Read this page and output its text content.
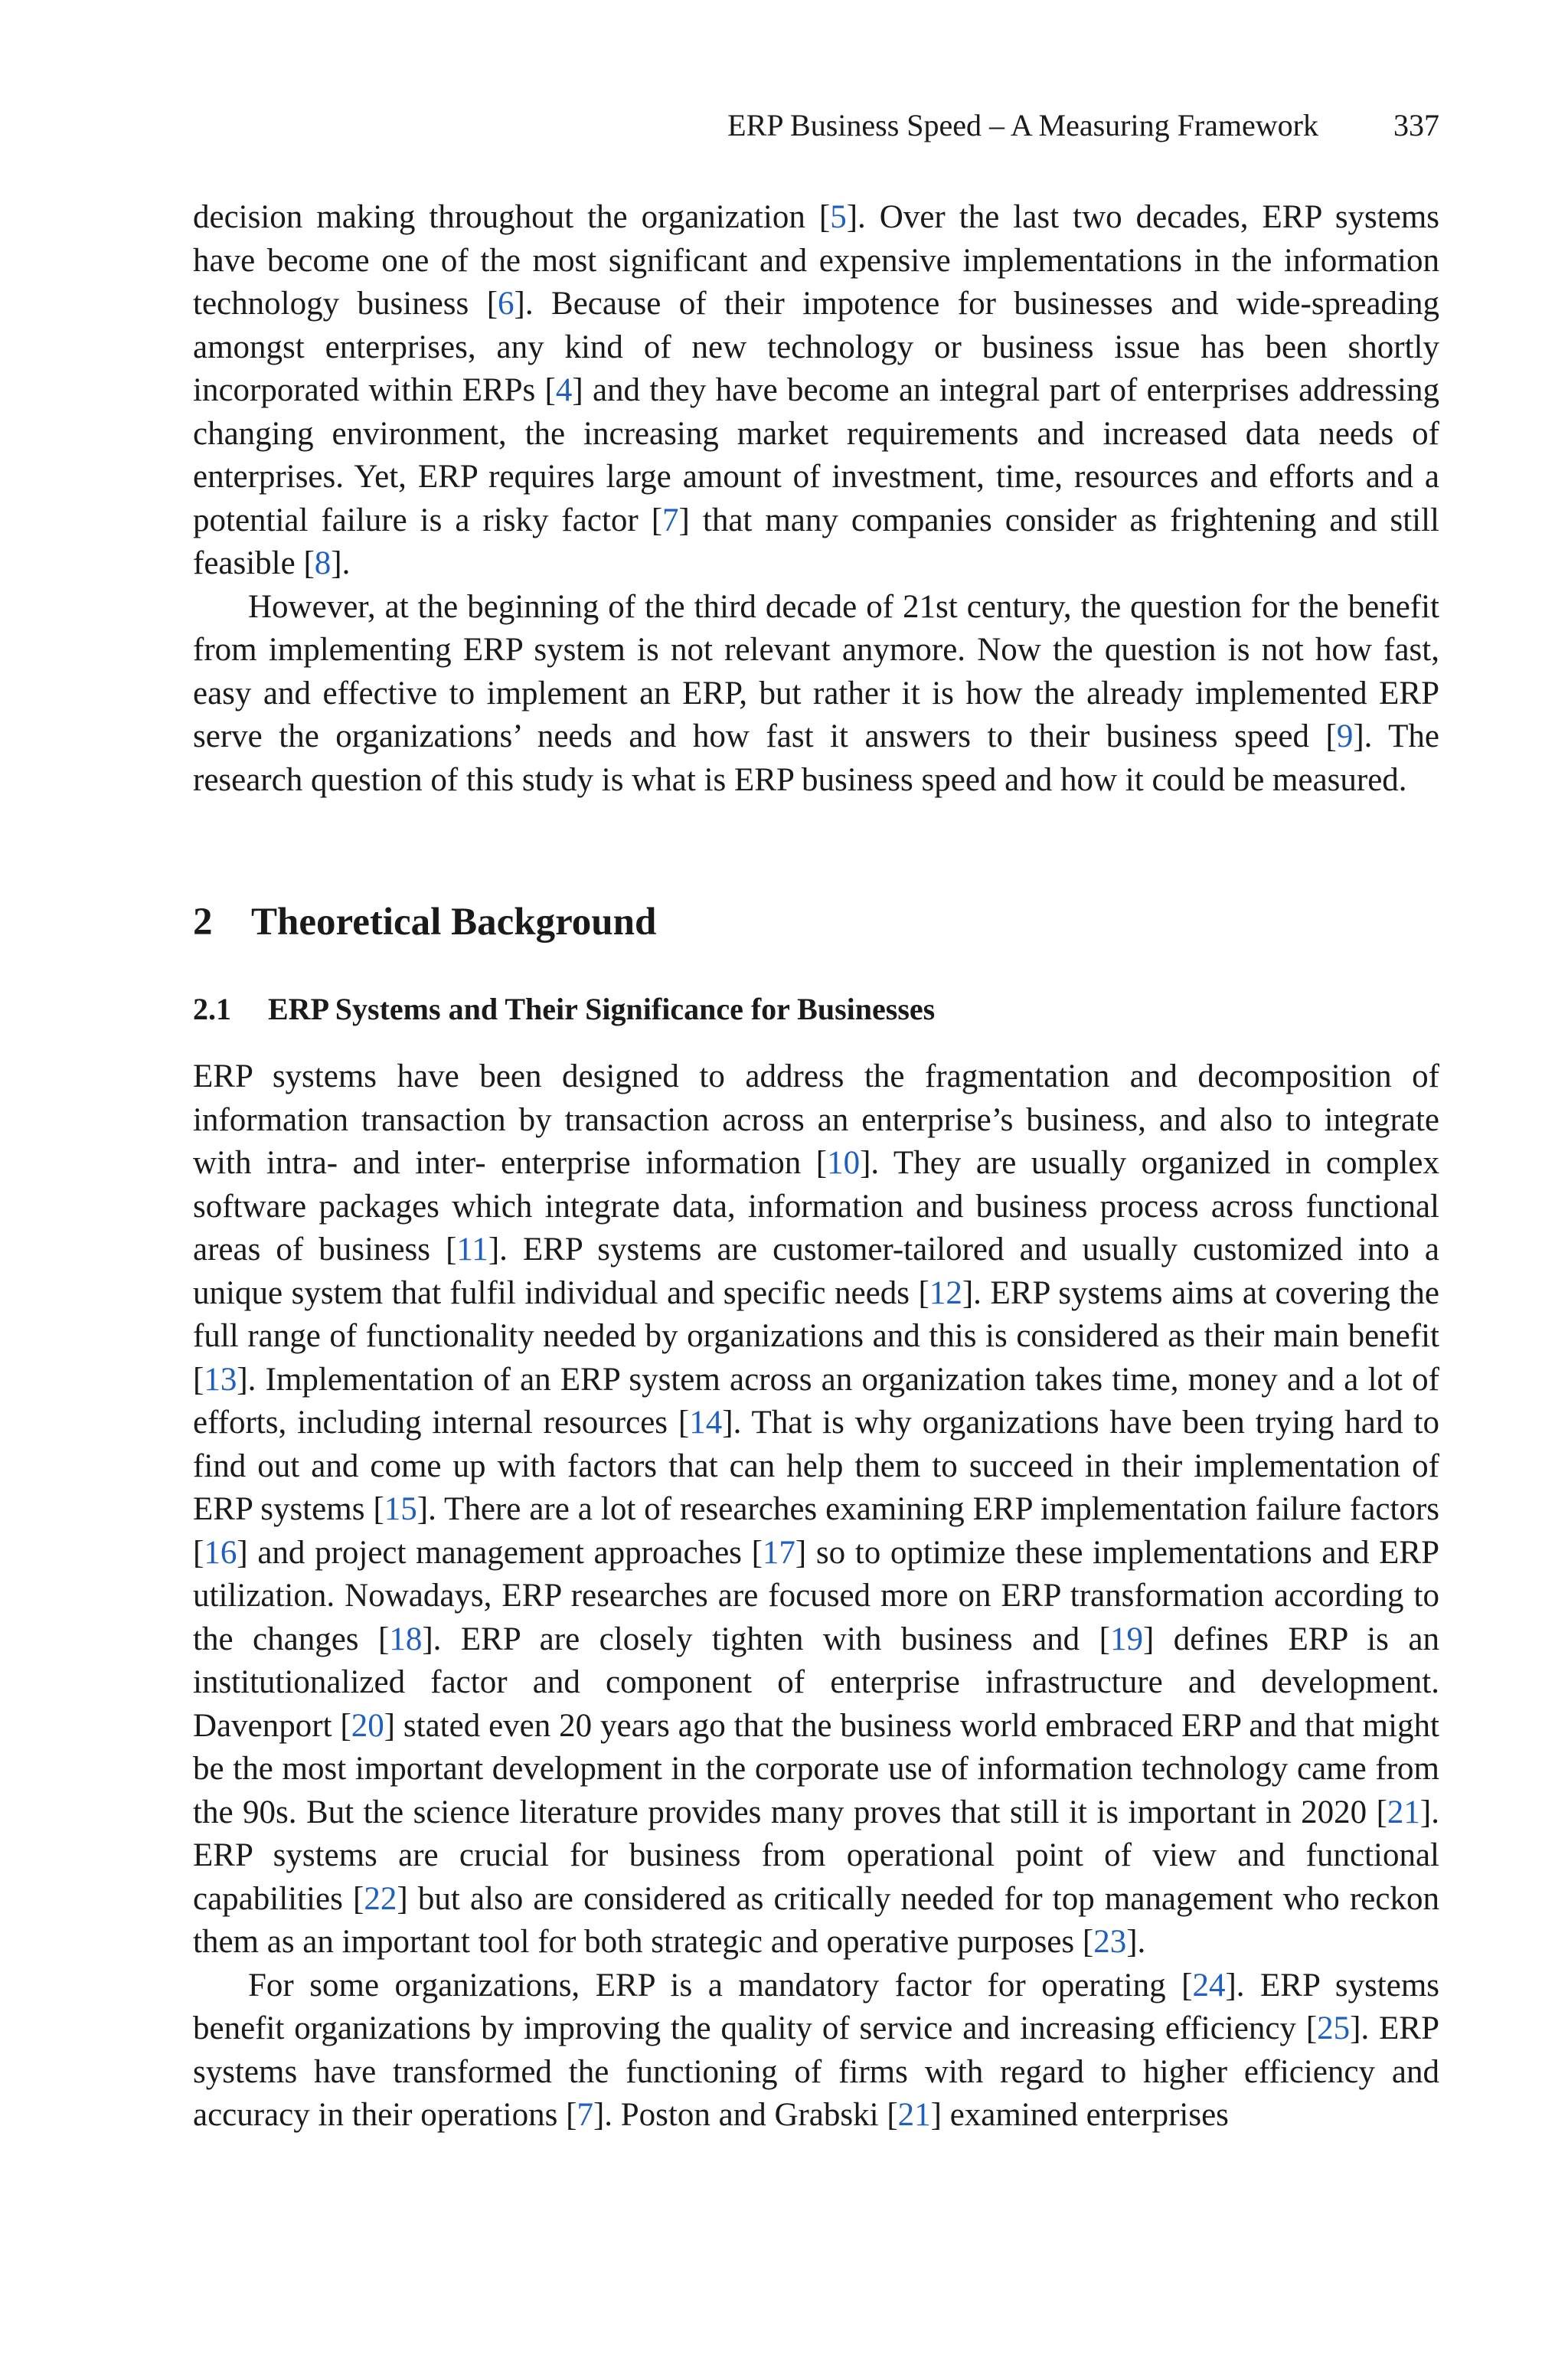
ERP Business Speed – A Measuring Framework 337

decision making throughout the organization [5]. Over the last two decades, ERP systems have become one of the most significant and expensive implementations in the information technology business [6]. Because of their impotence for businesses and wide-spreading amongst enterprises, any kind of new technology or business issue has been shortly incorporated within ERPs [4] and they have become an integral part of enterprises addressing changing environment, the increasing market requirements and increased data needs of enterprises. Yet, ERP requires large amount of investment, time, resources and efforts and a potential failure is a risky factor [7] that many companies consider as frightening and still feasible [8].

However, at the beginning of the third decade of 21st century, the question for the benefit from implementing ERP system is not relevant anymore. Now the question is not how fast, easy and effective to implement an ERP, but rather it is how the already implemented ERP serve the organizations’ needs and how fast it answers to their business speed [9]. The research question of this study is what is ERP business speed and how it could be measured.

2 Theoretical Background
2.1 ERP Systems and Their Significance for Businesses

ERP systems have been designed to address the fragmentation and decomposition of information transaction by transaction across an enterprise’s business, and also to integrate with intra- and inter- enterprise information [10]. They are usually organized in complex software packages which integrate data, information and business process across functional areas of business [11]. ERP systems are customer-tailored and usually customized into a unique system that fulfil individual and specific needs [12]. ERP systems aims at covering the full range of functionality needed by organizations and this is considered as their main benefit [13]. Implementation of an ERP system across an organization takes time, money and a lot of efforts, including internal resources [14]. That is why organizations have been trying hard to find out and come up with factors that can help them to succeed in their implementation of ERP systems [15]. There are a lot of researches examining ERP implementation failure factors [16] and project management approaches [17] so to optimize these implementations and ERP utilization. Nowadays, ERP researches are focused more on ERP transformation according to the changes [18]. ERP are closely tighten with business and [19] defines ERP is an institutionalized factor and component of enterprise infrastructure and development. Davenport [20] stated even 20 years ago that the business world embraced ERP and that might be the most important development in the corporate use of information technology came from the 90s. But the science literature provides many proves that still it is important in 2020 [21]. ERP systems are crucial for business from operational point of view and functional capabilities [22] but also are considered as critically needed for top management who reckon them as an important tool for both strategic and operative purposes [23].

For some organizations, ERP is a mandatory factor for operating [24]. ERP systems benefit organizations by improving the quality of service and increasing efficiency [25]. ERP systems have transformed the functioning of firms with regard to higher efficiency and accuracy in their operations [7]. Poston and Grabski [21] examined enterprises
